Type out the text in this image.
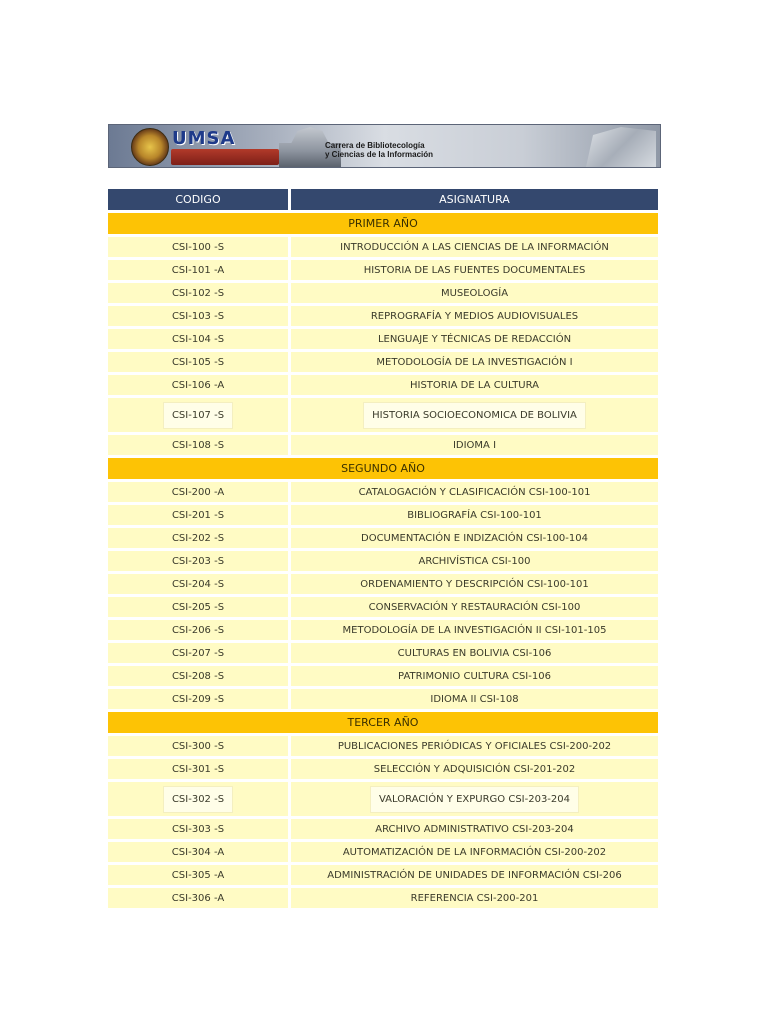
UMSA	Carrera de Bibliotecología
y Ciencias de la Información
CODIGO	ASIGNATURA
PRIMER AÑO	
CSI-100 -S	INTRODUCCIÓN A LAS CIENCIAS DE LA INFORMACIÓN
CSI-101 -A	HISTORIA DE LAS FUENTES DOCUMENTALES
CSI-102 -S	MUSEOLOGÍA
CSI-103 -S	REPROGRAFÍA Y MEDIOS AUDIOVISUALES
CSI-104 -S	LENGUAJE Y TÉCNICAS DE REDACCIÓN
CSI-105 -S	METODOLOGÍA DE LA INVESTIGACIÓN I
CSI-106 -A	HISTORIA DE LA CULTURA
CSI-107 -S	HISTORIA SOCIOECONOMICA DE BOLIVIA
CSI-108 -S	IDIOMA I
SEGUNDO AÑO	
CSI-200 -A	CATALOGACIÓN Y CLASIFICACIÓN CSI-100-101
CSI-201 -S	BIBLIOGRAFÍA CSI-100-101
CSI-202 -S	DOCUMENTACIÓN E INDIZACIÓN CSI-100-104
CSI-203 -S	ARCHIVÍSTICA CSI-100
CSI-204 -S	ORDENAMIENTO Y DESCRIPCIÓN CSI-100-101
CSI-205 -S	CONSERVACIÓN Y RESTAURACIÓN CSI-100
CSI-206 -S	METODOLOGÍA DE LA INVESTIGACIÓN II CSI-101-105
CSI-207 -S	CULTURAS EN BOLIVIA CSI-106
CSI-208 -S	PATRIMONIO CULTURA CSI-106
CSI-209 -S	IDIOMA II CSI-108
TERCER AÑO	
CSI-300 -S	PUBLICACIONES PERIÓDICAS Y OFICIALES CSI-200-202
CSI-301 -S	SELECCIÓN Y ADQUISICIÓN CSI-201-202
CSI-302 -S	VALORACIÓN Y EXPURGO CSI-203-204
CSI-303 -S	ARCHIVO ADMINISTRATIVO CSI-203-204
CSI-304 -A	AUTOMATIZACIÓN DE LA INFORMACIÓN CSI-200-202
CSI-305 -A	ADMINISTRACIÓN DE UNIDADES DE INFORMACIÓN CSI-206
CSI-306 -A	REFERENCIA CSI-200-201
